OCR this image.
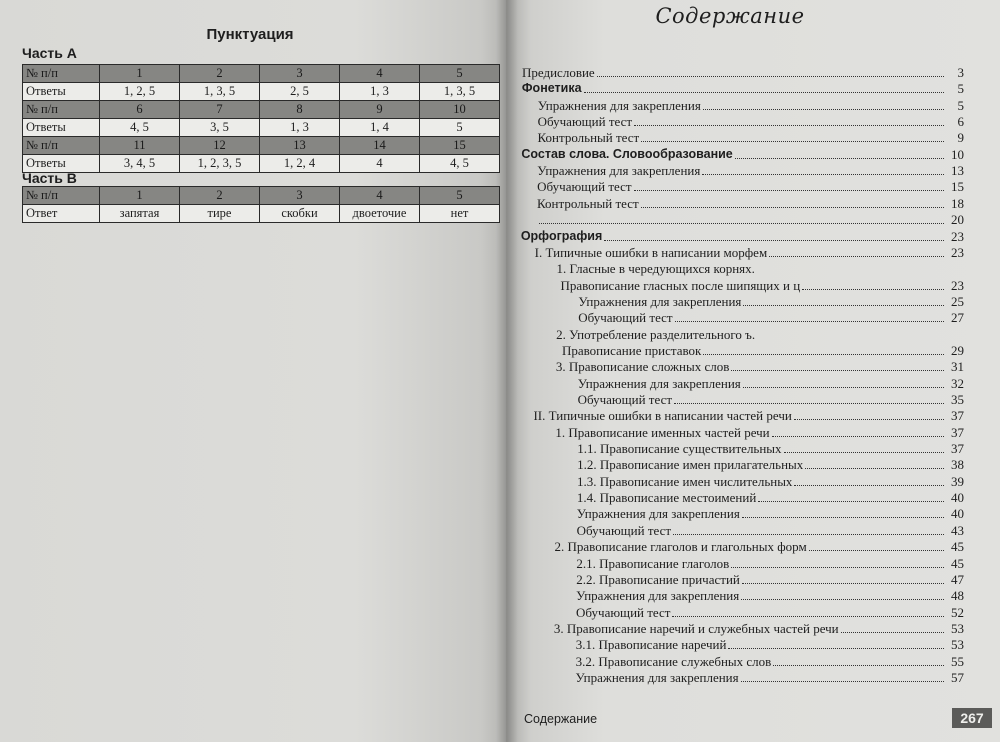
Пунктуация
Часть А
№ п/п	1	2	3	4	5
Ответы	1, 2, 5	1, 3, 5	2, 5	1, 3	1, 3, 5
№ п/п	6	7	8	9	10
Ответы	4, 5	3, 5	1, 3	1, 4	5
№ п/п	11	12	13	14	15
Ответы	3, 4, 5	1, 2, 3, 5	1, 2, 4	4	4, 5
Часть В
№ п/п	1	2	3	4	5
Ответ	запятая	тире	скобки	двоеточие	нет
Содержание
Предисловие	3
Фонетика	5
Упражнения для закрепления	5
Обучающий тест	6
Контрольный тест	9
Состав слова. Словообразование	10
Упражнения для закрепления	13
Обучающий тест	15
Контрольный тест	18
20
Орфография	23
I. Типичные ошибки в написании морфем	23
1. Гласные в чередующихся корнях.
Правописание гласных после шипящих и ц	23
Упражнения для закрепления	25
Обучающий тест	27
2. Употребление разделительного ъ.
Правописание приставок	29
3. Правописание сложных слов	31
Упражнения для закрепления	32
Обучающий тест	35
II. Типичные ошибки в написании частей речи	37
1. Правописание именных частей речи	37
1.1. Правописание существительных	37
1.2. Правописание имен прилагательных	38
1.3. Правописание имен числительных	39
1.4. Правописание местоимений	40
Упражнения для закрепления	40
Обучающий тест	43
2. Правописание глаголов и глагольных форм	45
2.1. Правописание глаголов	45
2.2. Правописание причастий	47
Упражнения для закрепления	48
Обучающий тест	52
3. Правописание наречий и служебных частей речи	53
3.1. Правописание наречий	53
3.2. Правописание служебных слов	55
Упражнения для закрепления	57
Содержание	267
